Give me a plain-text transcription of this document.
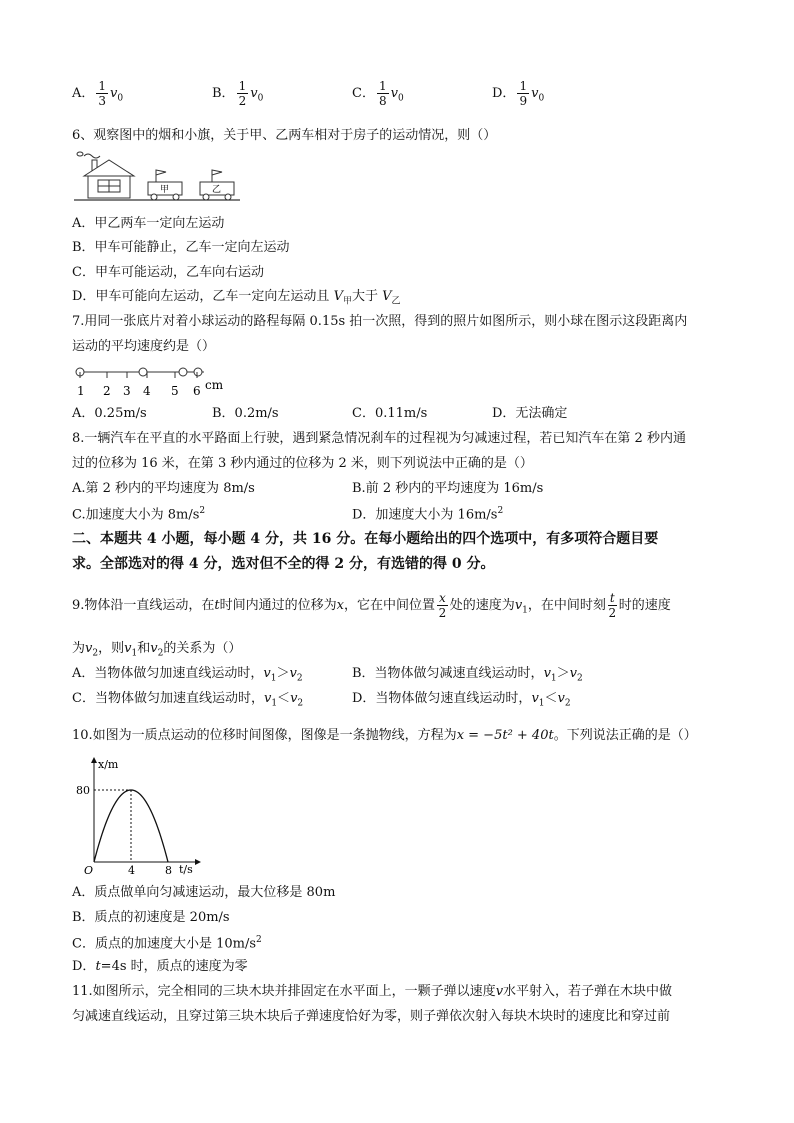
A． $\frac{1}{3} v_0$	B． $\frac{1}{2} v_0$	C． $\frac{1}{8} v_0$	D． $\frac{1}{9} v_0$
6、观察图中的烟和小旗，关于甲、乙两车相对于房子的运动情况，则（）
甲	乙
A．甲乙两车一定向左运动
B．甲车可能静止，乙车一定向左运动
C．甲车可能运动，乙车向右运动
D．甲车可能向左运动，乙车一定向左运动且 $V_甲$大于 $V_乙$
7.用同一张底片对着小球运动的路程每隔 0.15s 拍一次照，得到的照片如图所示，则小球在图示这段距离内
运动的平均速度约是（）
1 2 3 4 5 6 cm
A．0.25m/s	B．0.2m/s	C．0.11m/s	D．无法确定
8.一辆汽车在平直的水平路面上行驶，遇到紧急情况刹车的过程视为匀减速过程，若已知汽车在第 2 秒内通
过的位移为 16 米，在第 3 秒内通过的位移为 2 米，则下列说法中正确的是（）
A.第 2 秒内的平均速度为 8m/s	B.前 2 秒内的平均速度为 16m/s
C.加速度大小为 $8m/s^2$	D．加速度大小为 $16m/s^2$
二、本题共 4 小题，每小题 4 分，共 16 分。在每小题给出的四个选项中，有多项符合题目要
求。全部选对的得 4 分，选对但不全的得 2 分，有选错的得 0 分。
9.物体沿一直线运动，在t时间内通过的位移为x，它在中间位置 $\frac{x}{2}$ 处的速度为$v_1$，在中间时刻 $\frac{t}{2}$ 时的速度
为$v_2$，则$v_1$和$v_2$的关系为（）
A．当物体做匀加速直线运动时，$v_1>v_2$	B．当物体做匀减速直线运动时，$v_1>v_2$
C．当物体做匀加速直线运动时，$v_1<v_2$	D．当物体做匀速直线运动时，$v_1<v_2$
10.如图为一质点运动的位移时间图像，图像是一条抛物线，方程为x = −5t² + 40t。下列说法正确的是（）
x/m
t/s
O
80
4	8
A．质点做单向匀减速运动，最大位移是 80m
B．质点的初速度是 20m/s
C．质点的加速度大小是 $10m/s^2$
D．t=4s 时，质点的速度为零
11.如图所示，完全相同的三块木块并排固定在水平面上，一颗子弹以速度v水平射入，若子弹在木块中做
匀减速直线运动，且穿过第三块木块后子弹速度恰好为零，则子弹依次射入每块木块时的速度比和穿过前
